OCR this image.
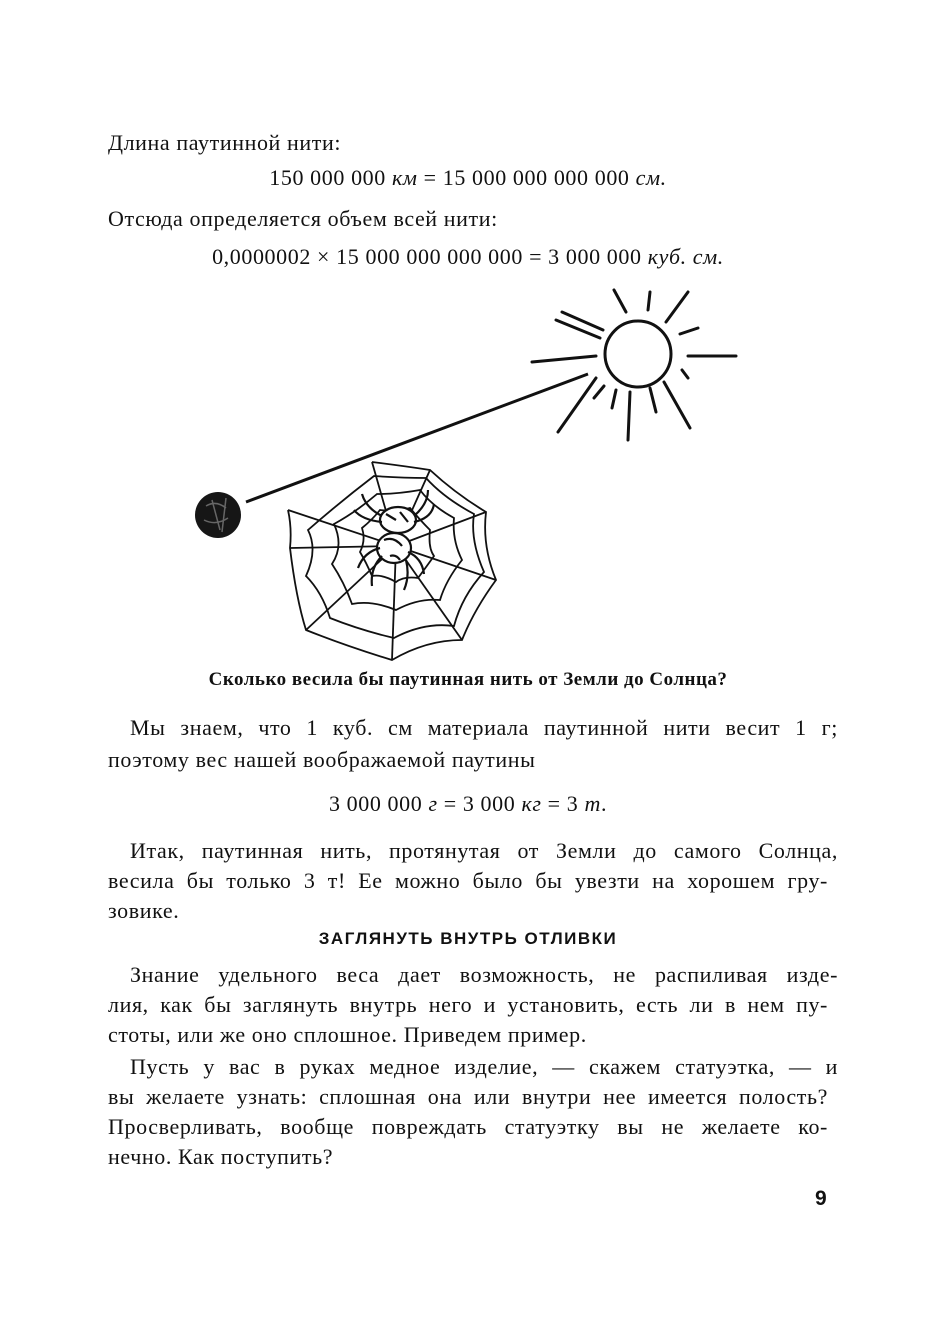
Длина паутинной нити:
150 000 000 км = 15 000 000 000 000 см.
Отсюда определяется объем всей нити:
0,0000002 × 15 000 000 000 000 = 3 000 000 куб. см.
Сколько весила бы паутинная нить от Земли до Солнца?
Мы знаем, что 1 куб. см материала паутинной нити весит 1 г;
поэтому вес нашей воображаемой паутины
3 000 000 г = 3 000 кг = 3 т.
Итак, паутинная нить, протянутая от Земли до самого Солнца,
весила бы только 3 т! Ее можно было бы увезти на хорошем гру-
зовике.
ЗАГЛЯНУТЬ ВНУТРЬ ОТЛИВКИ
Знание удельного веса дает возможность, не распиливая изде-
лия, как бы заглянуть внутрь него и установить, есть ли в нем пу-
стоты, или же оно сплошное. Приведем пример.
Пусть у вас в руках медное изделие, — скажем статуэтка, — и
вы желаете узнать: сплошная она или внутри нее имеется полость?
Просверливать, вообще повреждать статуэтку вы не желаете ко-
нечно. Как поступить?
9
